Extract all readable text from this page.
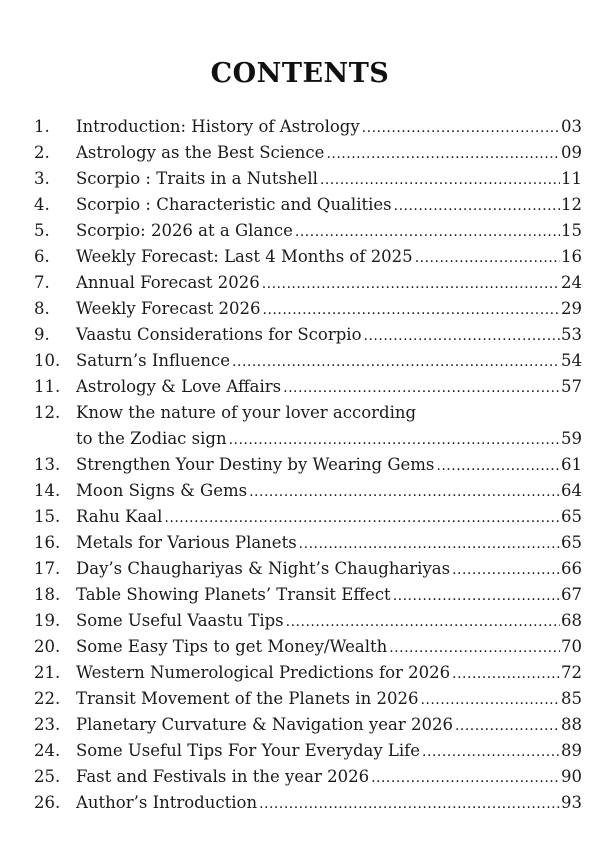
CONTENTS
1.	Introduction: History of Astrology .....	03
2.	Astrology as the Best Science .....	09
3.	Scorpio : Traits in a Nutshell .....	11
4.	Scorpio : Characteristic and Qualities .....	12
5.	Scorpio: 2026 at a Glance .....	15
6.	Weekly Forecast: Last 4 Months of 2025 .....	16
7.	Annual Forecast 2026 .....	24
8.	Weekly Forecast 2026 .....	29
9.	Vaastu Considerations for Scorpio .....	53
10. Saturn’s Influence .....	54
11. Astrology & Love Affairs .....	57
12. Know the nature of your lover according
to the Zodiac sign .....	59
13. Strengthen Your Destiny by Wearing Gems .....	61
14. Moon Signs & Gems .....	64
15. Rahu Kaal .....	65
16. Metals for Various Planets .....	65
17. Day’s Chaughariyas & Night’s Chaughariyas .....	66
18. Table Showing Planets’ Transit Effect .....	67
19. Some Useful Vaastu Tips .....	68
20. Some Easy Tips to get Money/Wealth .....	70
21. Western Numerological Predictions for 2026 .....	72
22. Transit Movement of the Planets in 2026 .....	85
23. Planetary Curvature & Navigation year 2026 .....	88
24. Some Useful Tips For Your Everyday Life .....	89
25. Fast and Festivals in the year 2026 .....	90
26. Author’s Introduction .....	93
